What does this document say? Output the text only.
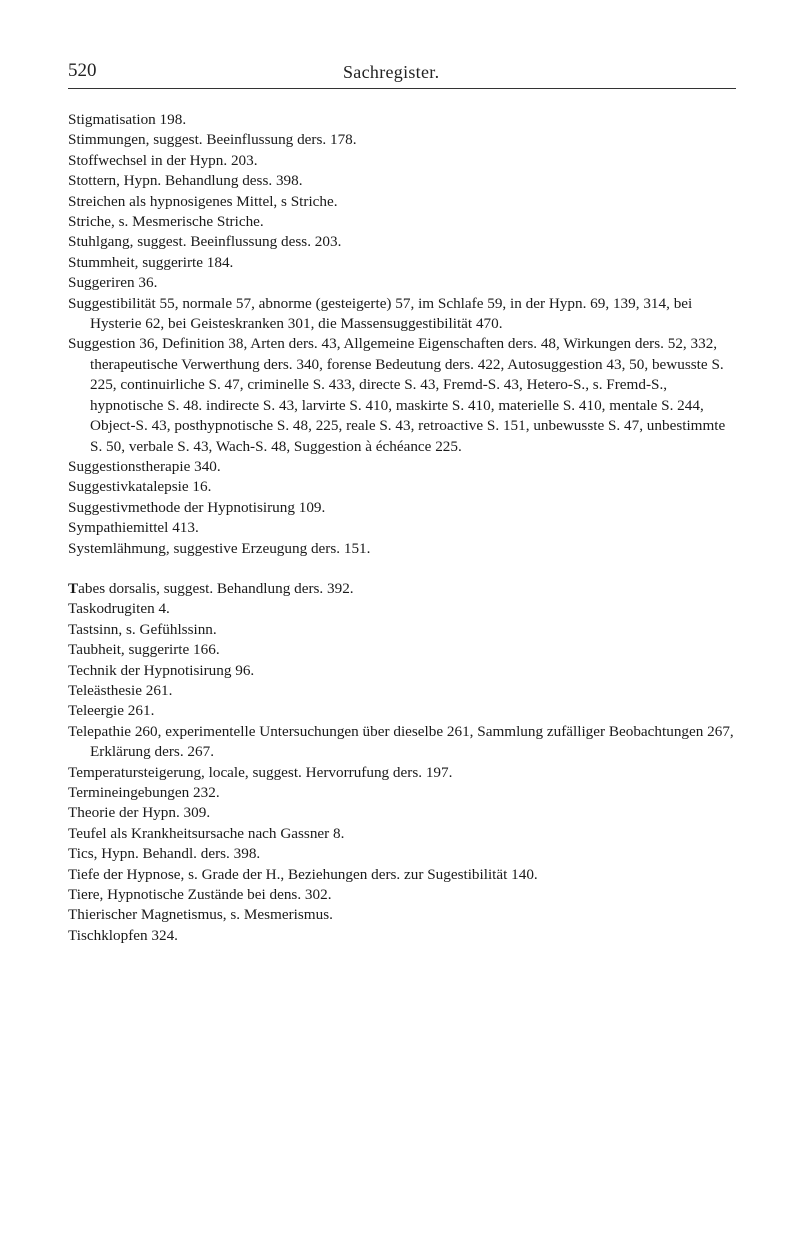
520	Sachregister.

Stigmatisation 198.

Stimmungen, suggest. Beeinflussung ders. 178.

Stoffwechsel in der Hypn. 203.

Stottern, Hypn. Behandlung dess. 398.

Streichen als hypnosigenes Mittel, s Striche.

Striche, s. Mesmerische Striche.

Stuhlgang, suggest. Beeinflussung dess. 203.

Stummheit, suggerirte 184.

Suggeriren 36.

Suggestibilität 55, normale 57, abnorme (gesteigerte) 57, im Schlafe 59, in der Hypn. 69, 139, 314, bei Hysterie 62, bei Geisteskranken 301, die Massensuggestibilität 470.

Suggestion 36, Definition 38, Arten ders. 43, Allgemeine Eigenschaften ders. 48, Wirkungen ders. 52, 332, therapeutische Verwerthung ders. 340, forense Bedeutung ders. 422, Autosuggestion 43, 50, bewusste S. 225, continuirliche S. 47, criminelle S. 433, directe S. 43, Fremd-S. 43, Hetero-S., s. Fremd-S., hypnotische S. 48. indirecte S. 43, larvirte S. 410, maskirte S. 410, materielle S. 410, mentale S. 244, Object-S. 43, posthypnotische S. 48, 225, reale S. 43, retroactive S. 151, unbewusste S. 47, unbestimmte S. 50, verbale S. 43, Wach-S. 48, Suggestion à échéance 225.

Suggestionstherapie 340.

Suggestivkatalepsie 16.

Suggestivmethode der Hypnotisirung 109.

Sympathiemittel 413.

Systemlähmung, suggestive Erzeugung ders. 151.

Tabes dorsalis, suggest. Behandlung ders. 392.

Taskodrugiten 4.

Tastsinn, s. Gefühlssinn.

Taubheit, suggerirte 166.

Technik der Hypnotisirung 96.

Teleästhesie 261.

Teleergie 261.

Telepathie 260, experimentelle Untersuchungen über dieselbe 261, Sammlung zufälliger Beobachtungen 267, Erklärung ders. 267.

Temperatursteigerung, locale, suggest. Hervorrufung ders. 197.

Termineingebungen 232.

Theorie der Hypn. 309.

Teufel als Krankheitsursache nach Gassner 8.

Tics, Hypn. Behandl. ders. 398.

Tiefe der Hypnose, s. Grade der H., Beziehungen ders. zur Sugestibilität 140.

Tiere, Hypnotische Zustände bei dens. 302.

Thierischer Magnetismus, s. Mesmerismus.

Tischklopfen 324.
